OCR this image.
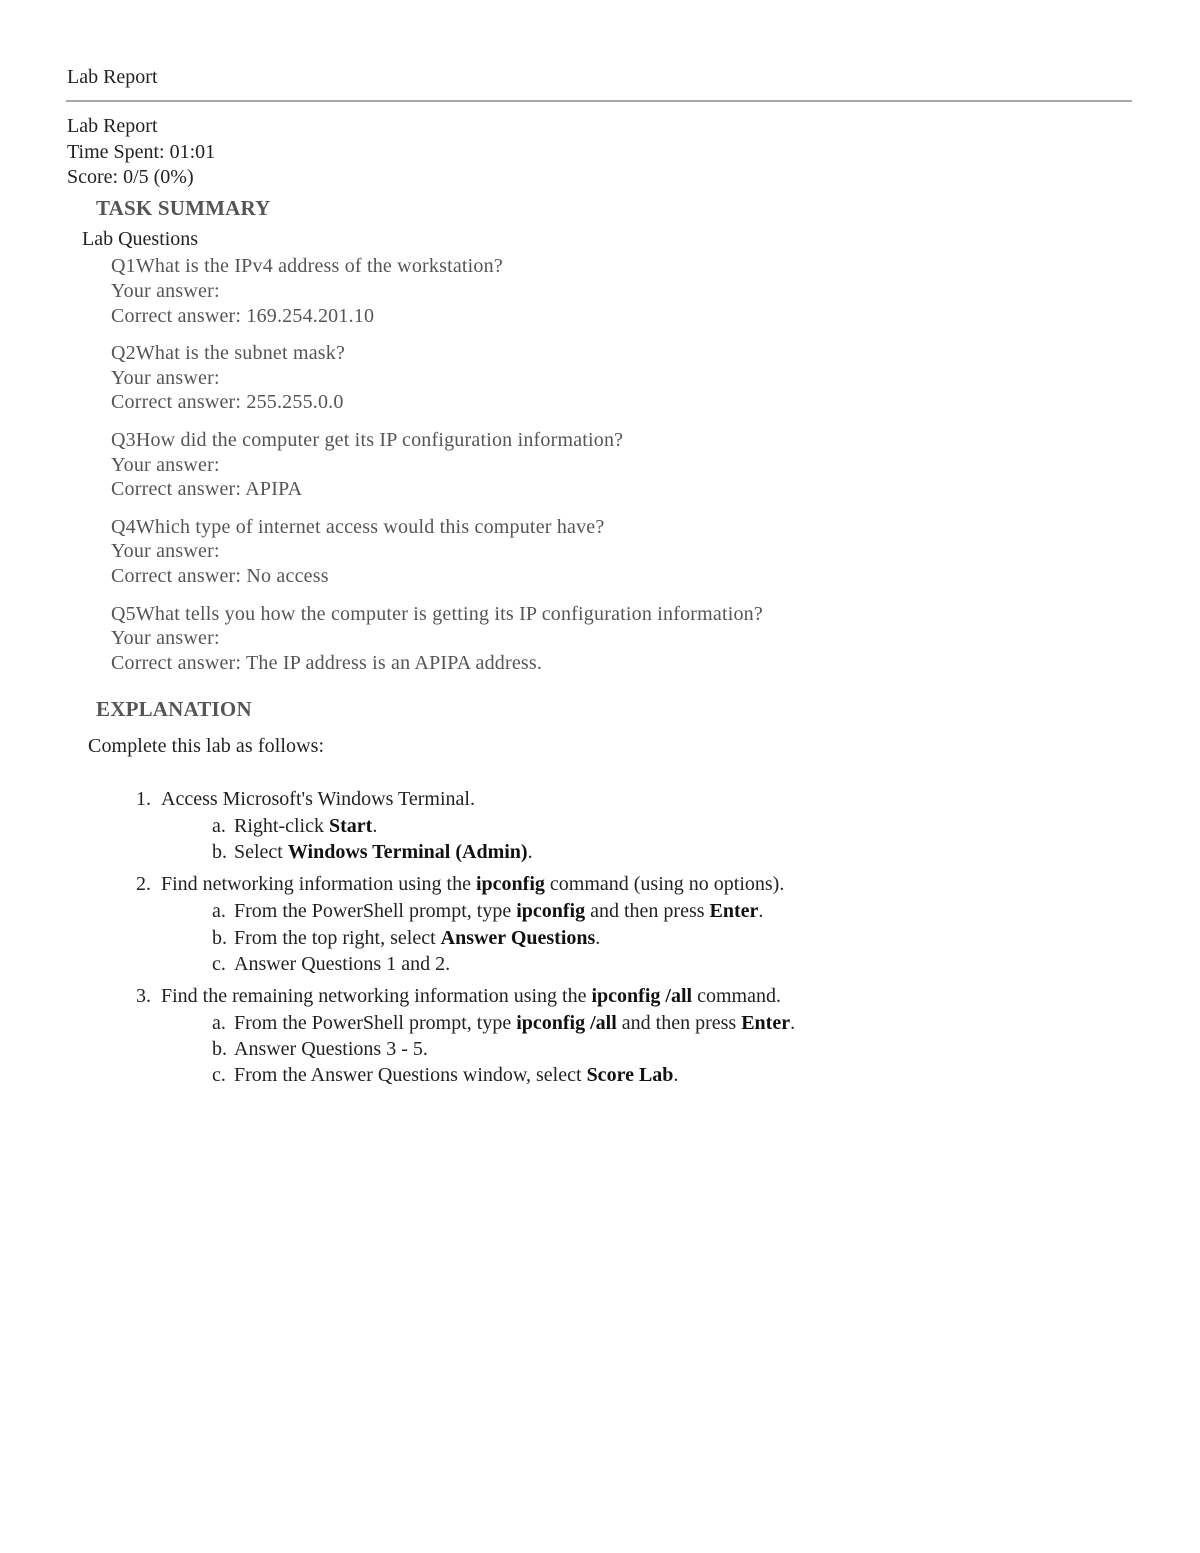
Lab Report
Lab Report
Time Spent: 01:01
Score: 0/5 (0%)
TASK SUMMARY
Lab Questions
Q1What is the IPv4 address of the workstation?
Your answer:
Correct answer: 169.254.201.10
Q2What is the subnet mask?
Your answer:
Correct answer: 255.255.0.0
Q3How did the computer get its IP configuration information?
Your answer:
Correct answer: APIPA
Q4Which type of internet access would this computer have?
Your answer:
Correct answer: No access
Q5What tells you how the computer is getting its IP configuration information?
Your answer:
Correct answer: The IP address is an APIPA address.
EXPLANATION
Complete this lab as follows:
1. Access Microsoft's Windows Terminal.
a. Right-click Start.
b. Select Windows Terminal (Admin).
2. Find networking information using the ipconfig command (using no options).
a. From the PowerShell prompt, type ipconfig and then press Enter.
b. From the top right, select Answer Questions.
c. Answer Questions 1 and 2.
3. Find the remaining networking information using the ipconfig /all command.
a. From the PowerShell prompt, type ipconfig /all and then press Enter.
b. Answer Questions 3 - 5.
c. From the Answer Questions window, select Score Lab.
